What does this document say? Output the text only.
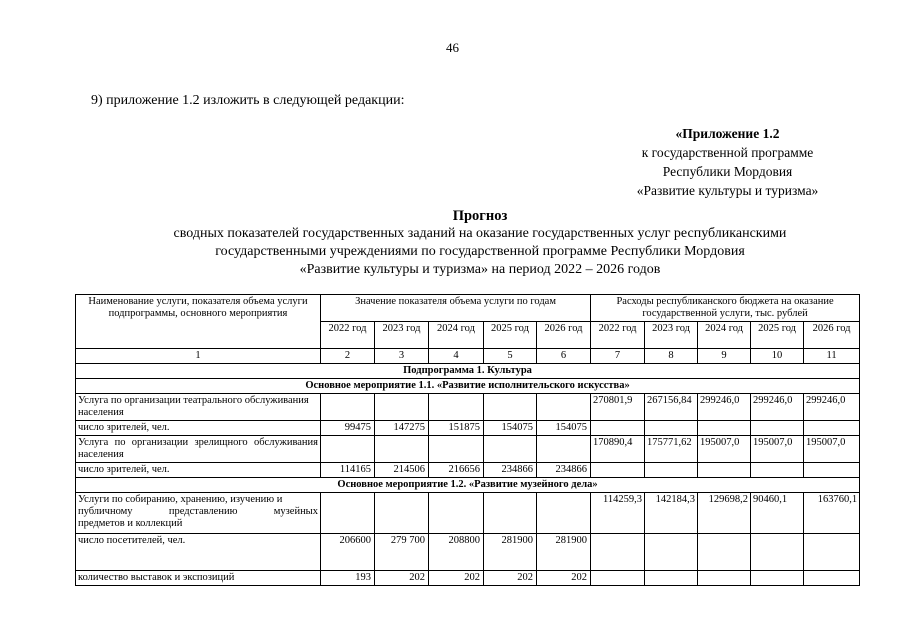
46
9) приложение 1.2 изложить в следующей редакции:
«Приложение 1.2
к государственной программе
Республики Мордовия
«Развитие культуры и туризма»
Прогноз
сводных показателей государственных заданий на оказание государственных услуг республиканскими
государственными учреждениями по государственной программе Республики Мордовия
«Развитие культуры и туризма» на период 2022 – 2026 годов
Наименование услуги, показателя объема услуги подпрограммы, основного мероприятия	Значение показателя объема услуги по годам					Расходы республиканского бюджета на оказание государственной услуги, тыс. рублей				
	2022 год	2023 год	2024 год	2025 год	2026 год	2022 год	2023 год	2024 год	2025 год	2026 год
1	2	3	4	5	6	7	8	9	10	11
Подпрограмма 1. Культура										
Основное мероприятие 1.1. «Развитие исполнительского искусства»										
Услуга по организации театрального обслуживания населения						270801,9	267156,84	299246,0	299246,0	299246,0
число зрителей, чел.	99475	147275	151875	154075	154075					
Услуга по организации зрелищного обслуживания населения						170890,4	175771,62	195007,0	195007,0	195007,0
число зрителей, чел.	114165	214506	216656	234866	234866					
Основное мероприятие 1.2. «Развитие музейного дела»										

Услуги по собиранию, хранению, изучению и
публичному представлению музейных
предметов и коллекций						114259,3	142184,3	129698,2	90460,1	163760,1
число посетителей, чел.	206600	279 700	208800	281900	281900					
количество выставок и экспозиций	193	202	202	202	202					
